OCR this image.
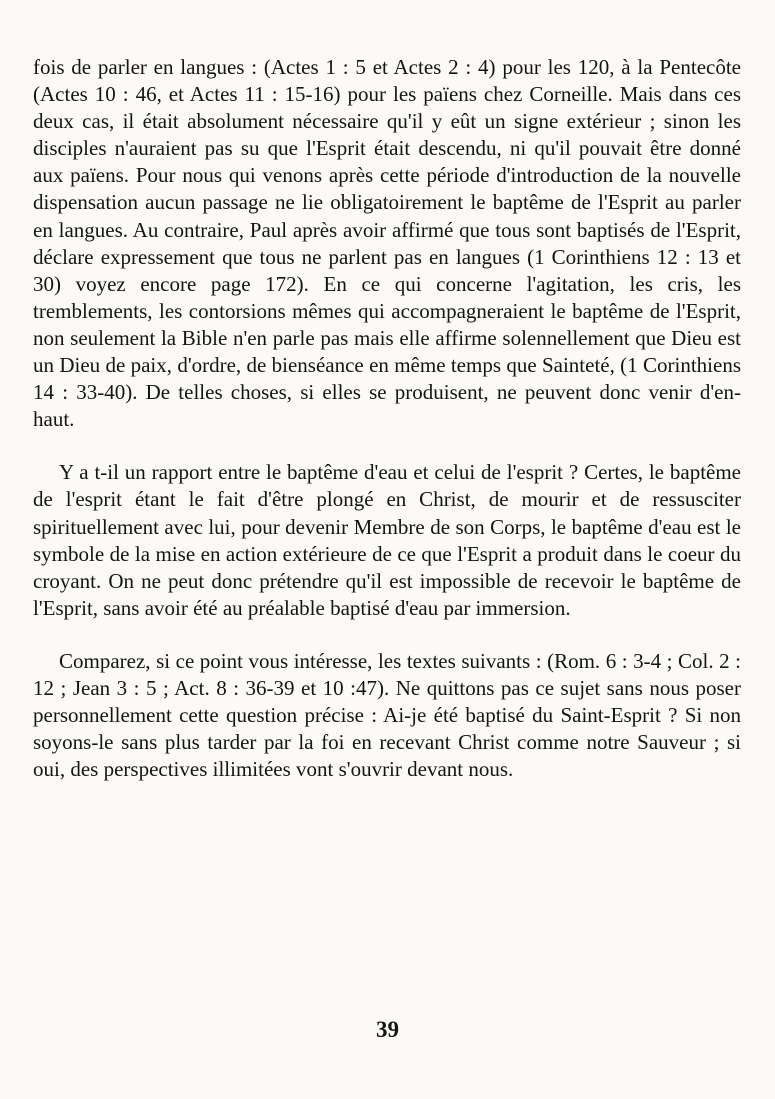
fois de parler en langues : (Actes 1 : 5 et Actes 2 : 4) pour les 120, à la Pentecôte (Actes 10 : 46, et Actes 11 : 15-16) pour les païens chez Corneille. Mais dans ces deux cas, il était absolument nécessaire qu'il y eût un signe extérieur ; sinon les disciples n'auraient pas su que l'Esprit était descendu, ni qu'il pouvait être donné aux païens. Pour nous qui venons après cette période d'introduction de la nouvelle dispensation aucun passage ne lie obligatoirement le baptême de l'Esprit au parler en langues. Au contraire, Paul après avoir affirmé que tous sont baptisés de l'Esprit, déclare expressement que tous ne parlent pas en langues (1 Corinthiens 12 : 13 et 30) voyez encore page 172). En ce qui concerne l'agitation, les cris, les tremblements, les contorsions mêmes qui accompagneraient le baptême de l'Esprit, non seulement la Bible n'en parle pas mais elle affirme solennellement que Dieu est un Dieu de paix, d'ordre, de bienséance en même temps que Sainteté, (1 Corinthiens 14 : 33-40). De telles choses, si elles se produisent, ne peuvent donc venir d'en-haut.

Y a t-il un rapport entre le baptême d'eau et celui de l'esprit ? Certes, le baptême de l'esprit étant le fait d'être plongé en Christ, de mourir et de ressusciter spirituellement avec lui, pour devenir Membre de son Corps, le baptême d'eau est le symbole de la mise en action extérieure de ce que l'Esprit a produit dans le coeur du croyant. On ne peut donc prétendre qu'il est impossible de recevoir le baptême de l'Esprit, sans avoir été au préalable baptisé d'eau par immersion.

Comparez, si ce point vous intéresse, les textes suivants : (Rom. 6 : 3-4 ; Col. 2 : 12 ; Jean 3 : 5 ; Act. 8 : 36-39 et 10 :47). Ne quittons pas ce sujet sans nous poser personnellement cette question précise : Ai-je été baptisé du Saint-Esprit ? Si non soyons-le sans plus tarder par la foi en recevant Christ comme notre Sauveur ; si oui, des perspectives illimitées vont s'ouvrir devant nous.

39
